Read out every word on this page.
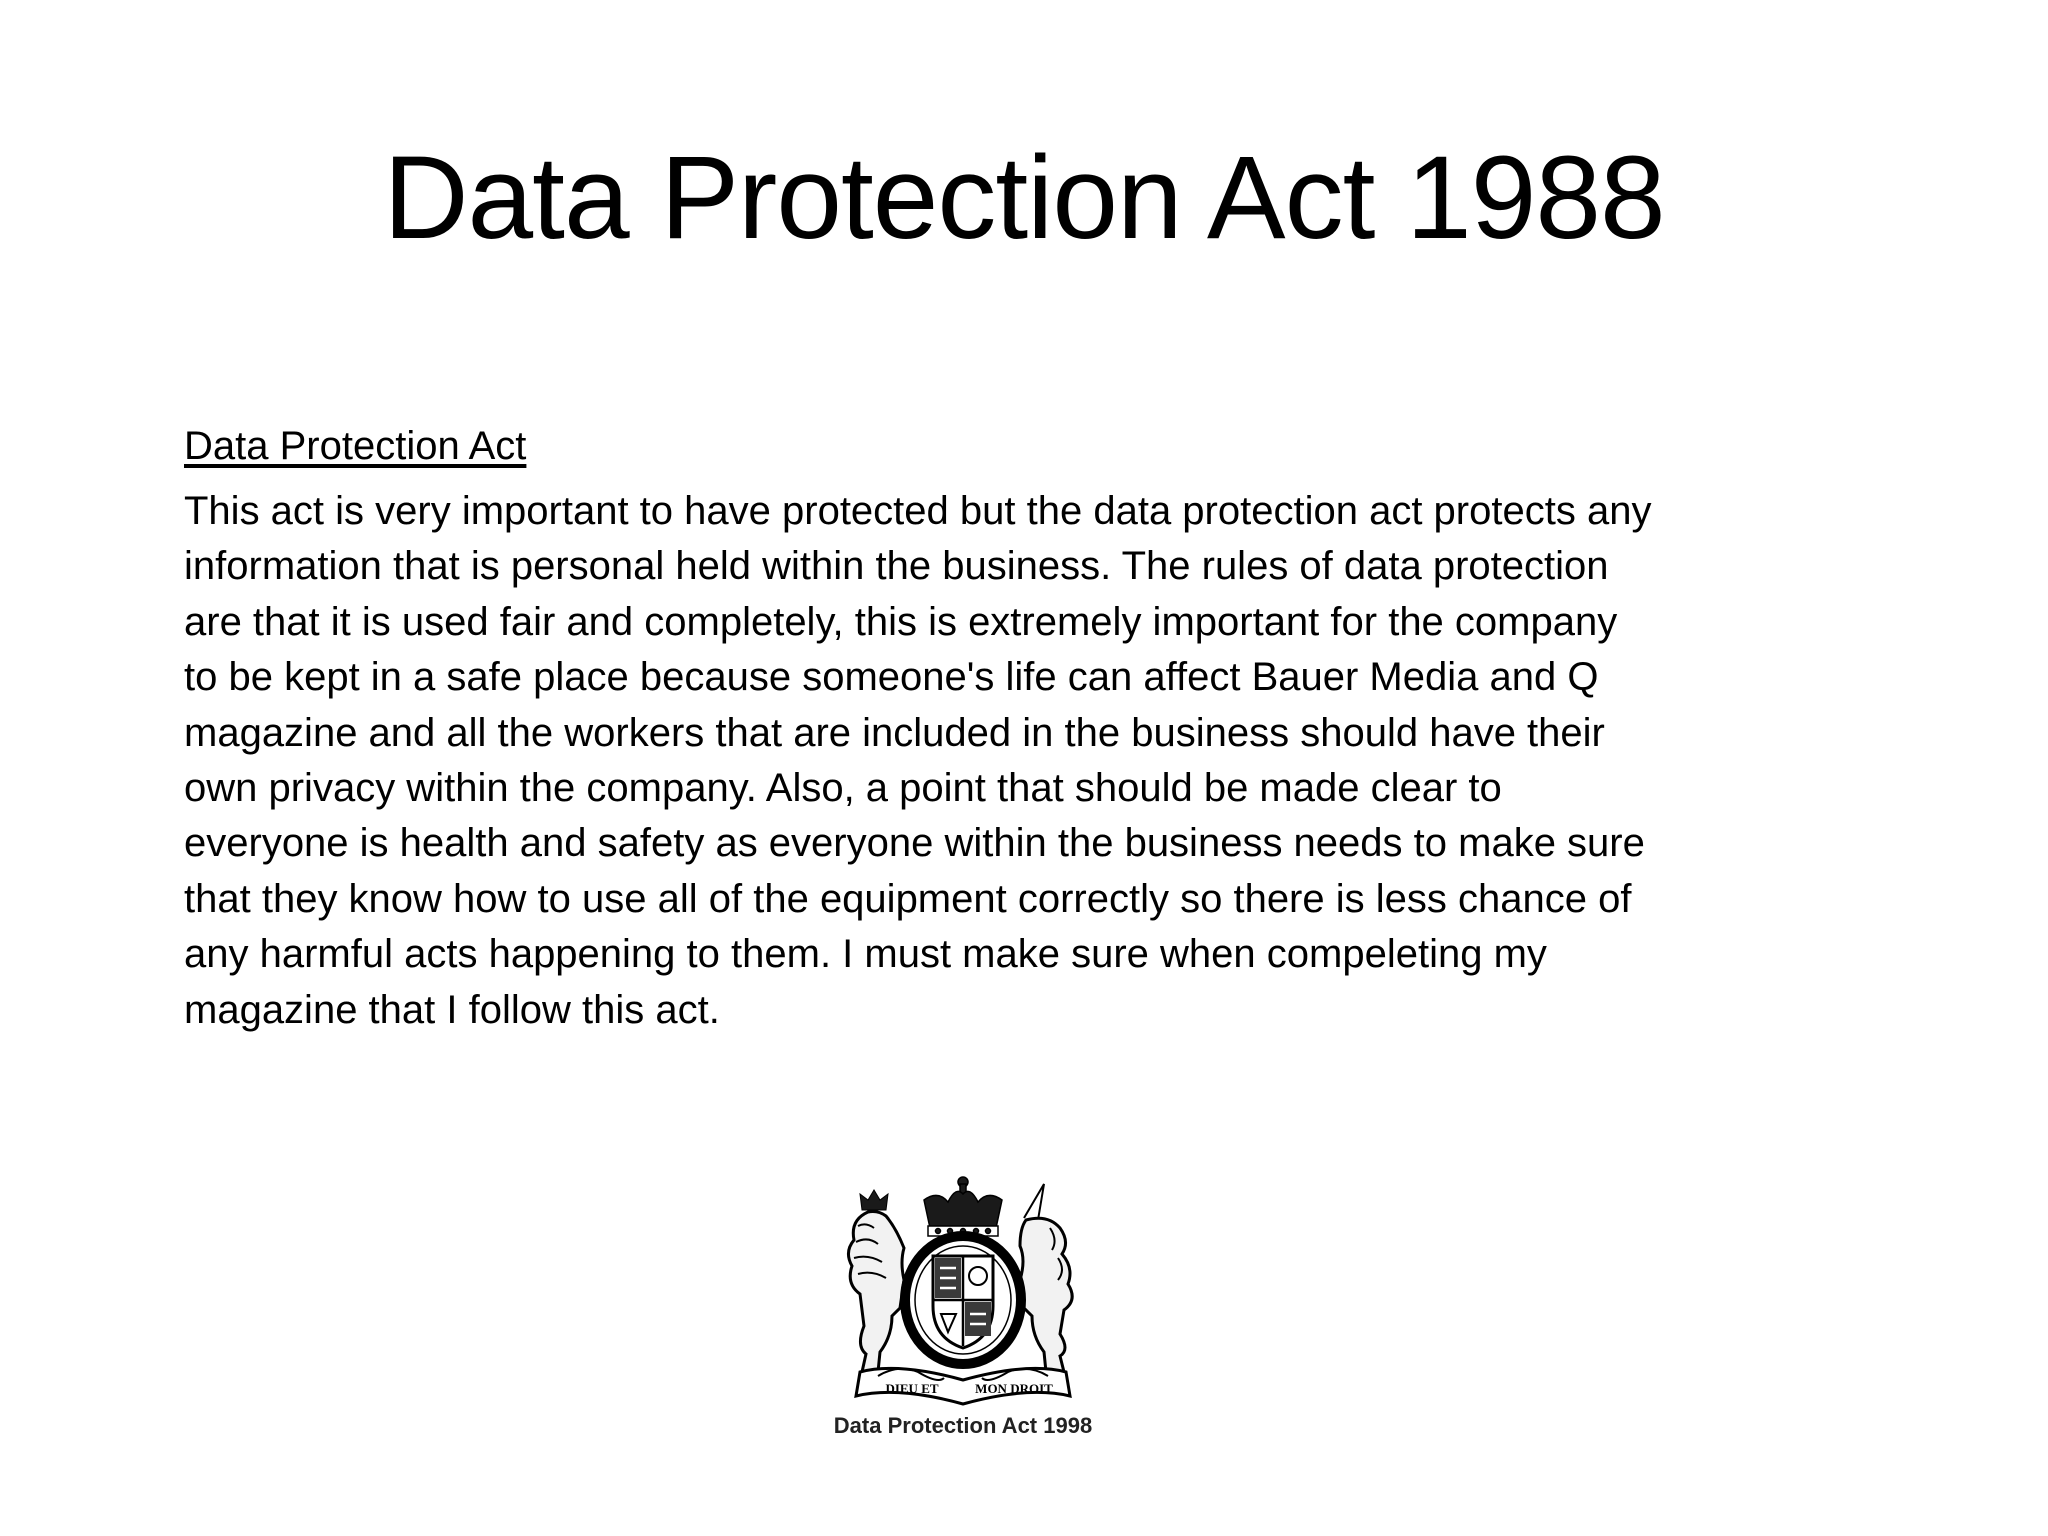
Data Protection Act 1988

Data Protection Act

This act is very important to have protected but the data protection act protects any
information that is personal held within the business. The rules of data protection
are that it is used fair and completely, this is extremely important for the company
to be kept in a safe place because someone's life can affect Bauer Media and Q
magazine and all the workers that are included in the business should have their
own privacy within the company. Also, a point that should be made clear to
everyone is health and safety as everyone within the business needs to make sure
that they know how to use all of the equipment correctly so there is less chance of
any harmful acts happening to them. I must make sure when compeleting my
magazine that I follow this act.

DIEU ET	MON DROIT
Data Protection Act 1998
